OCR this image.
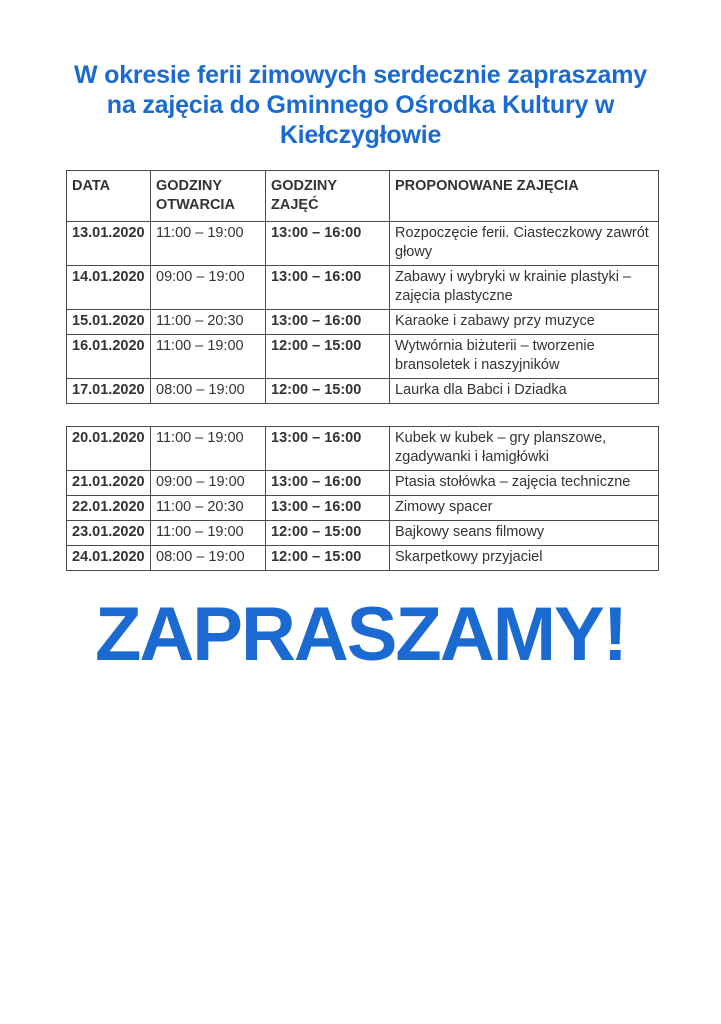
W okresie ferii zimowych serdecznie zapraszamy
na zajęcia do Gminnego Ośrodka Kultury w
Kiełczygłowie
DATA	GODZINY OTWARCIA	GODZINY ZAJĘĆ	PROPONOWANE ZAJĘCIA
13.01.2020	11:00 – 19:00	13:00 – 16:00	Rozpoczęcie ferii. Ciasteczkowy zawrót głowy
14.01.2020	09:00 – 19:00	13:00 – 16:00	Zabawy i wybryki w krainie plastyki – zajęcia plastyczne
15.01.2020	11:00 – 20:30	13:00 – 16:00	Karaoke i zabawy przy muzyce
16.01.2020	11:00 – 19:00	12:00 – 15:00	Wytwórnia biżuterii – tworzenie bransoletek i naszyjników
17.01.2020	08:00 – 19:00	12:00 – 15:00	Laurka dla Babci i Dziadka
20.01.2020	11:00 – 19:00	13:00 – 16:00	Kubek w kubek – gry planszowe, zgadywanki i łamigłówki
21.01.2020	09:00 – 19:00	13:00 – 16:00	Ptasia stołówka – zajęcia techniczne
22.01.2020	11:00 – 20:30	13:00 – 16:00	Zimowy spacer
23.01.2020	11:00 – 19:00	12:00 – 15:00	Bajkowy seans filmowy
24.01.2020	08:00 – 19:00	12:00 – 15:00	Skarpetkowy przyjaciel
ZAPRASZAMY!
